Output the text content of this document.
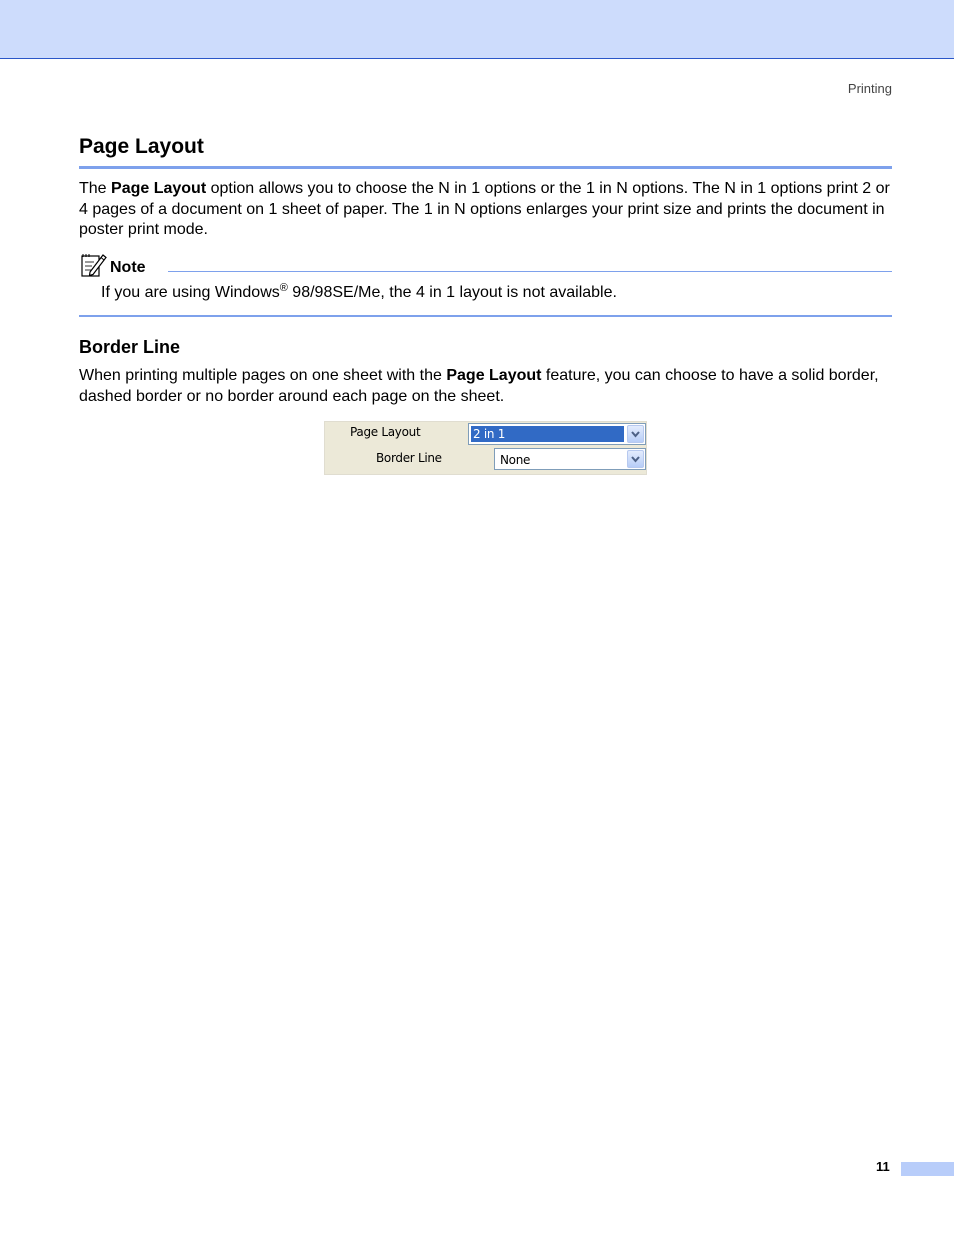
Printing
Page Layout

The Page Layout option allows you to choose the N in 1 options or the 1 in N options. The N in 1 options print 2 or 4 pages of a document on 1 sheet of paper. The 1 in N options enlarges your print size and prints the document in poster print mode.

Note
If you are using Windows® 98/98SE/Me, the 4 in 1 layout is not available.
Border Line

When printing multiple pages on one sheet with the Page Layout feature, you can choose to have a solid border, dashed border or no border around each page on the sheet.

Page Layout	2 in 1
Border Line	None
11
